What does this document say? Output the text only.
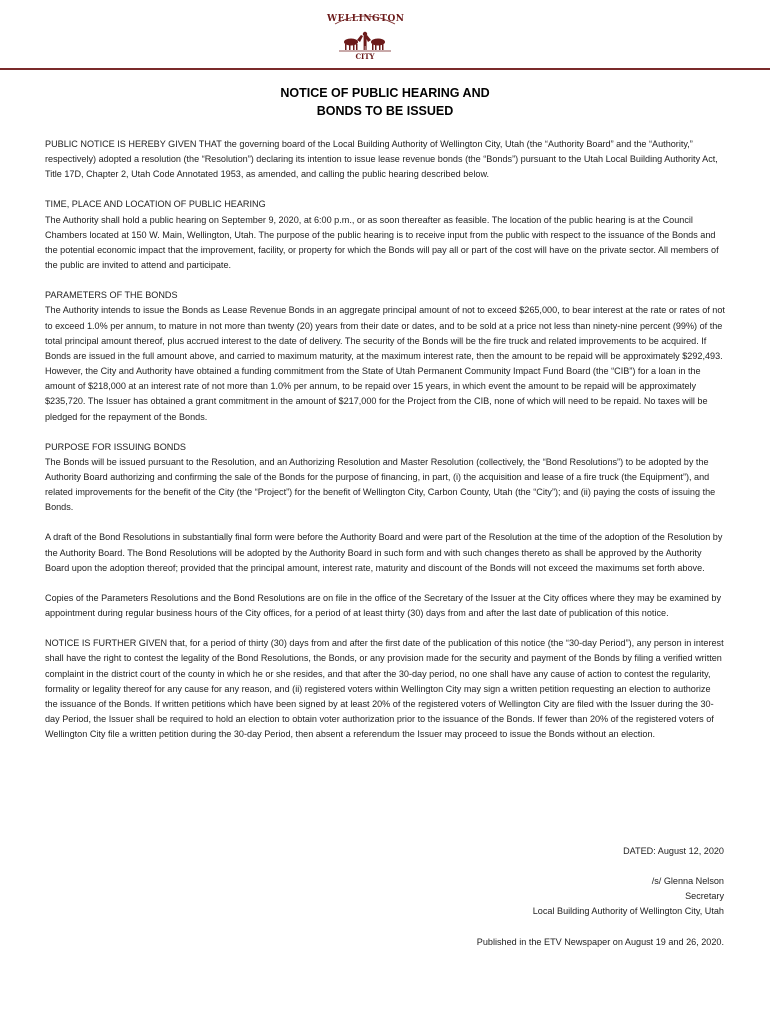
WELLINGTON
CITY
NOTICE OF PUBLIC HEARING AND
BONDS TO BE ISSUED

PUBLIC NOTICE IS HEREBY GIVEN THAT the governing board of the Local Building Authority of Wellington City, Utah (the “Authority Board” and the “Authority,” respectively) adopted a resolution (the “Resolution”) declaring its intention to issue lease revenue bonds (the “Bonds”) pursuant to the Utah Local Building Authority Act, Title 17D, Chapter 2, Utah Code Annotated 1953, as amended, and calling the public hearing described below.

TIME, PLACE AND LOCATION OF PUBLIC HEARING
The Authority shall hold a public hearing on September 9, 2020, at 6:00 p.m., or as soon thereafter as feasible. The location of the public hearing is at the Council Chambers located at 150 W. Main, Wellington, Utah. The purpose of the public hearing is to receive input from the public with respect to the issuance of the Bonds and the potential economic impact that the improvement, facility, or property for which the Bonds will pay all or part of the cost will have on the private sector. All members of the public are invited to attend and participate.

PARAMETERS OF THE BONDS
The Authority intends to issue the Bonds as Lease Revenue Bonds in an aggregate principal amount of not to exceed $265,000, to bear interest at the rate or rates of not to exceed 1.0% per annum, to mature in not more than twenty (20) years from their date or dates, and to be sold at a price not less than ninety-nine percent (99%) of the total principal amount thereof, plus accrued interest to the date of delivery. The security of the Bonds will be the fire truck and related improvements to be acquired. If Bonds are issued in the full amount above, and carried to maximum maturity, at the maximum interest rate, then the amount to be repaid will be approximately $292,493. However, the City and Authority have obtained a funding commitment from the State of Utah Permanent Community Impact Fund Board (the “CIB”) for a loan in the amount of $218,000 at an interest rate of not more than 1.0% per annum, to be repaid over 15 years, in which event the amount to be repaid will be approximately $235,720. The Issuer has obtained a grant commitment in the amount of $217,000 for the Project from the CIB, none of which will need to be repaid. No taxes will be pledged for the repayment of the Bonds.

PURPOSE FOR ISSUING BONDS
The Bonds will be issued pursuant to the Resolution, and an Authorizing Resolution and Master Resolution (collectively, the “Bond Resolutions”) to be adopted by the Authority Board authorizing and confirming the sale of the Bonds for the purpose of financing, in part, (i) the acquisition and lease of a fire truck (the Equipment”), and related improvements for the benefit of the City (the “Project”) for the benefit of Wellington City, Carbon County, Utah (the “City”); and (ii) paying the costs of issuing the Bonds.

A draft of the Bond Resolutions in substantially final form were before the Authority Board and were part of the Resolution at the time of the adoption of the Resolution by the Authority Board. The Bond Resolutions will be adopted by the Authority Board in such form and with such changes thereto as shall be approved by the Authority Board upon the adoption thereof; provided that the principal amount, interest rate, maturity and discount of the Bonds will not exceed the maximums set forth above.

Copies of the Parameters Resolutions and the Bond Resolutions are on file in the office of the Secretary of the Issuer at the City offices where they may be examined by appointment during regular business hours of the City offices, for a period of at least thirty (30) days from and after the last date of publication of this notice.

NOTICE IS FURTHER GIVEN that, for a period of thirty (30) days from and after the first date of the publication of this notice (the “30-day Period”), any person in interest shall have the right to contest the legality of the Bond Resolutions, the Bonds, or any provision made for the security and payment of the Bonds by filing a verified written complaint in the district court of the county in which he or she resides, and that after the 30-day period, no one shall have any cause of action to contest the regularity, formality or legality thereof for any cause for any reason, and (ii) registered voters within Wellington City may sign a written petition requesting an election to authorize the issuance of the Bonds. If written petitions which have been signed by at least 20% of the registered voters of Wellington City are filed with the Issuer during the 30-day Period, the Issuer shall be required to hold an election to obtain voter authorization prior to the issuance of the Bonds. If fewer than 20% of the registered voters of Wellington City file a written petition during the 30-day Period, then absent a referendum the Issuer may proceed to issue the Bonds without an election.

DATED: August 12, 2020
/s/ Glenna Nelson
Secretary
Local Building Authority of Wellington City, Utah
Published in the ETV Newspaper on August 19 and 26, 2020.
